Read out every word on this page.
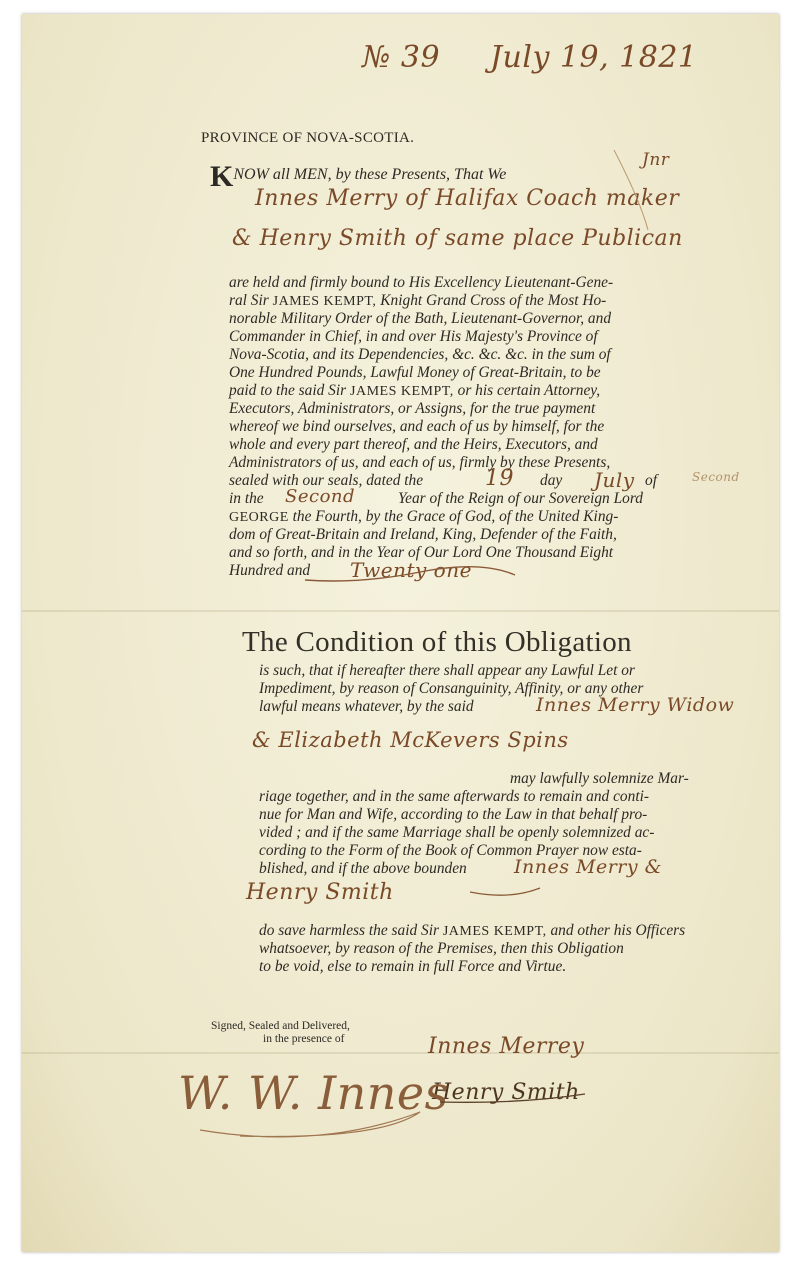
№ 39 July 19, 1821
PROVINCE OF NOVA-SCOTIA.
KNOW all MEN, by these Presents, That We
Jnr
Innes Merry of Halifax Coach maker
& Henry Smith of same place Publican
are held and firmly bound to His Excellency Lieutenant-Gene-
ral Sir JAMES KEMPT, Knight Grand Cross of the Most Ho-
norable Military Order of the Bath, Lieutenant-Governor, and
Commander in Chief, in and over His Majesty's Province of
Nova-Scotia, and its Dependencies, &c. &c. &c. in the sum of
One Hundred Pounds, Lawful Money of Great-Britain, to be
paid to the said Sir JAMES KEMPT, or his certain Attorney,
Executors, Administrators, or Assigns, for the true payment
whereof we bind ourselves, and each of us by himself, for the
whole and every part thereof, and the Heirs, Executors, and
Administrators of us, and each of us, firmly by these Presents,
sealed with our seals, dated the	19 day July of	Second
in the Second	Year of the Reign of our Sovereign Lord
GEORGE the Fourth, by the Grace of God, of the United King-
dom of Great-Britain and Ireland, King, Defender of the Faith,
and so forth, and in the Year of Our Lord One Thousand Eight
Hundred and Twenty one
The Condition of this Obligation
is such, that if hereafter there shall appear any Lawful Let or
Impediment, by reason of Consanguinity, Affinity, or any other
lawful means whatever, by the said	Innes Merry Widow
& Elizabeth McKevers Spins
may lawfully solemnize Mar-
riage together, and in the same afterwards to remain and conti-
nue for Man and Wife, according to the Law in that behalf pro-
vided ; and if the same Marriage shall be openly solemnized ac-
cording to the Form of the Book of Common Prayer now esta-
blished, and if the above bounden Innes Merry &
Henry Smith
do save harmless the said Sir JAMES KEMPT, and other his Officers
whatsoever, by reason of the Premises, then this Obligation
to be void, else to remain in full Force and Virtue.
Signed, Sealed and Delivered,
in the presence of	Innes Merrey
Henry Smith
W. W. Innes
